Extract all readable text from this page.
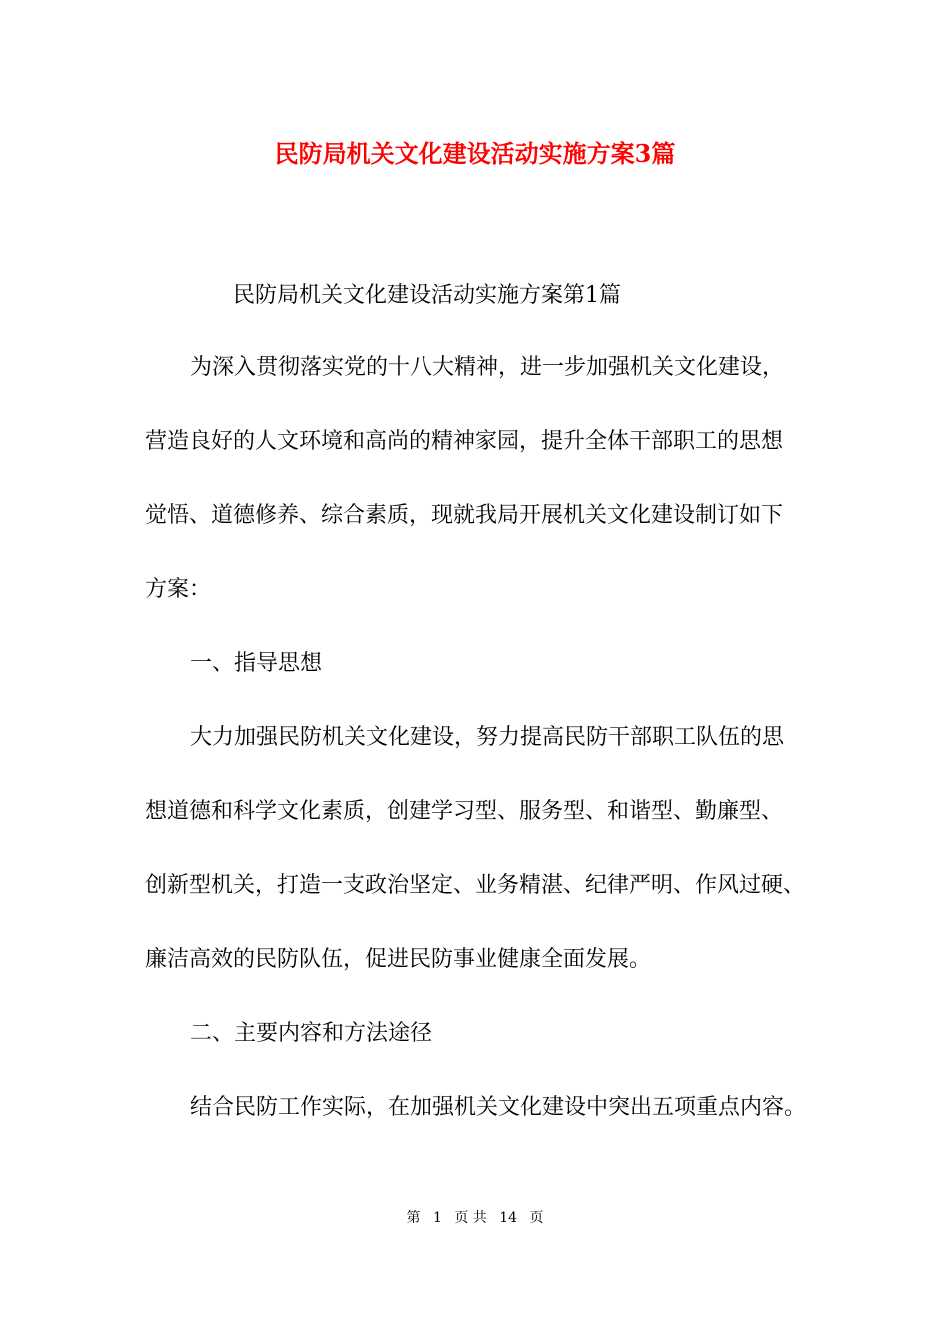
民防局机关文化建设活动实施方案3篇
民防局机关文化建设活动实施方案第1篇
为深入贯彻落实党的十八大精神，进一步加强机关文化建设，
营造良好的人文环境和高尚的精神家园，提升全体干部职工的思想
觉悟、道德修养、综合素质，现就我局开展机关文化建设制订如下
方案：
一、指导思想
大力加强民防机关文化建设，努力提高民防干部职工队伍的思
想道德和科学文化素质，创建学习型、服务型、和谐型、勤廉型、
创新型机关，打造一支政治坚定、业务精湛、纪律严明、作风过硬、
廉洁高效的民防队伍，促进民防事业健康全面发展。
二、主要内容和方法途径
结合民防工作实际，在加强机关文化建设中突出五项重点内容。
第 1 页 共 14 页
